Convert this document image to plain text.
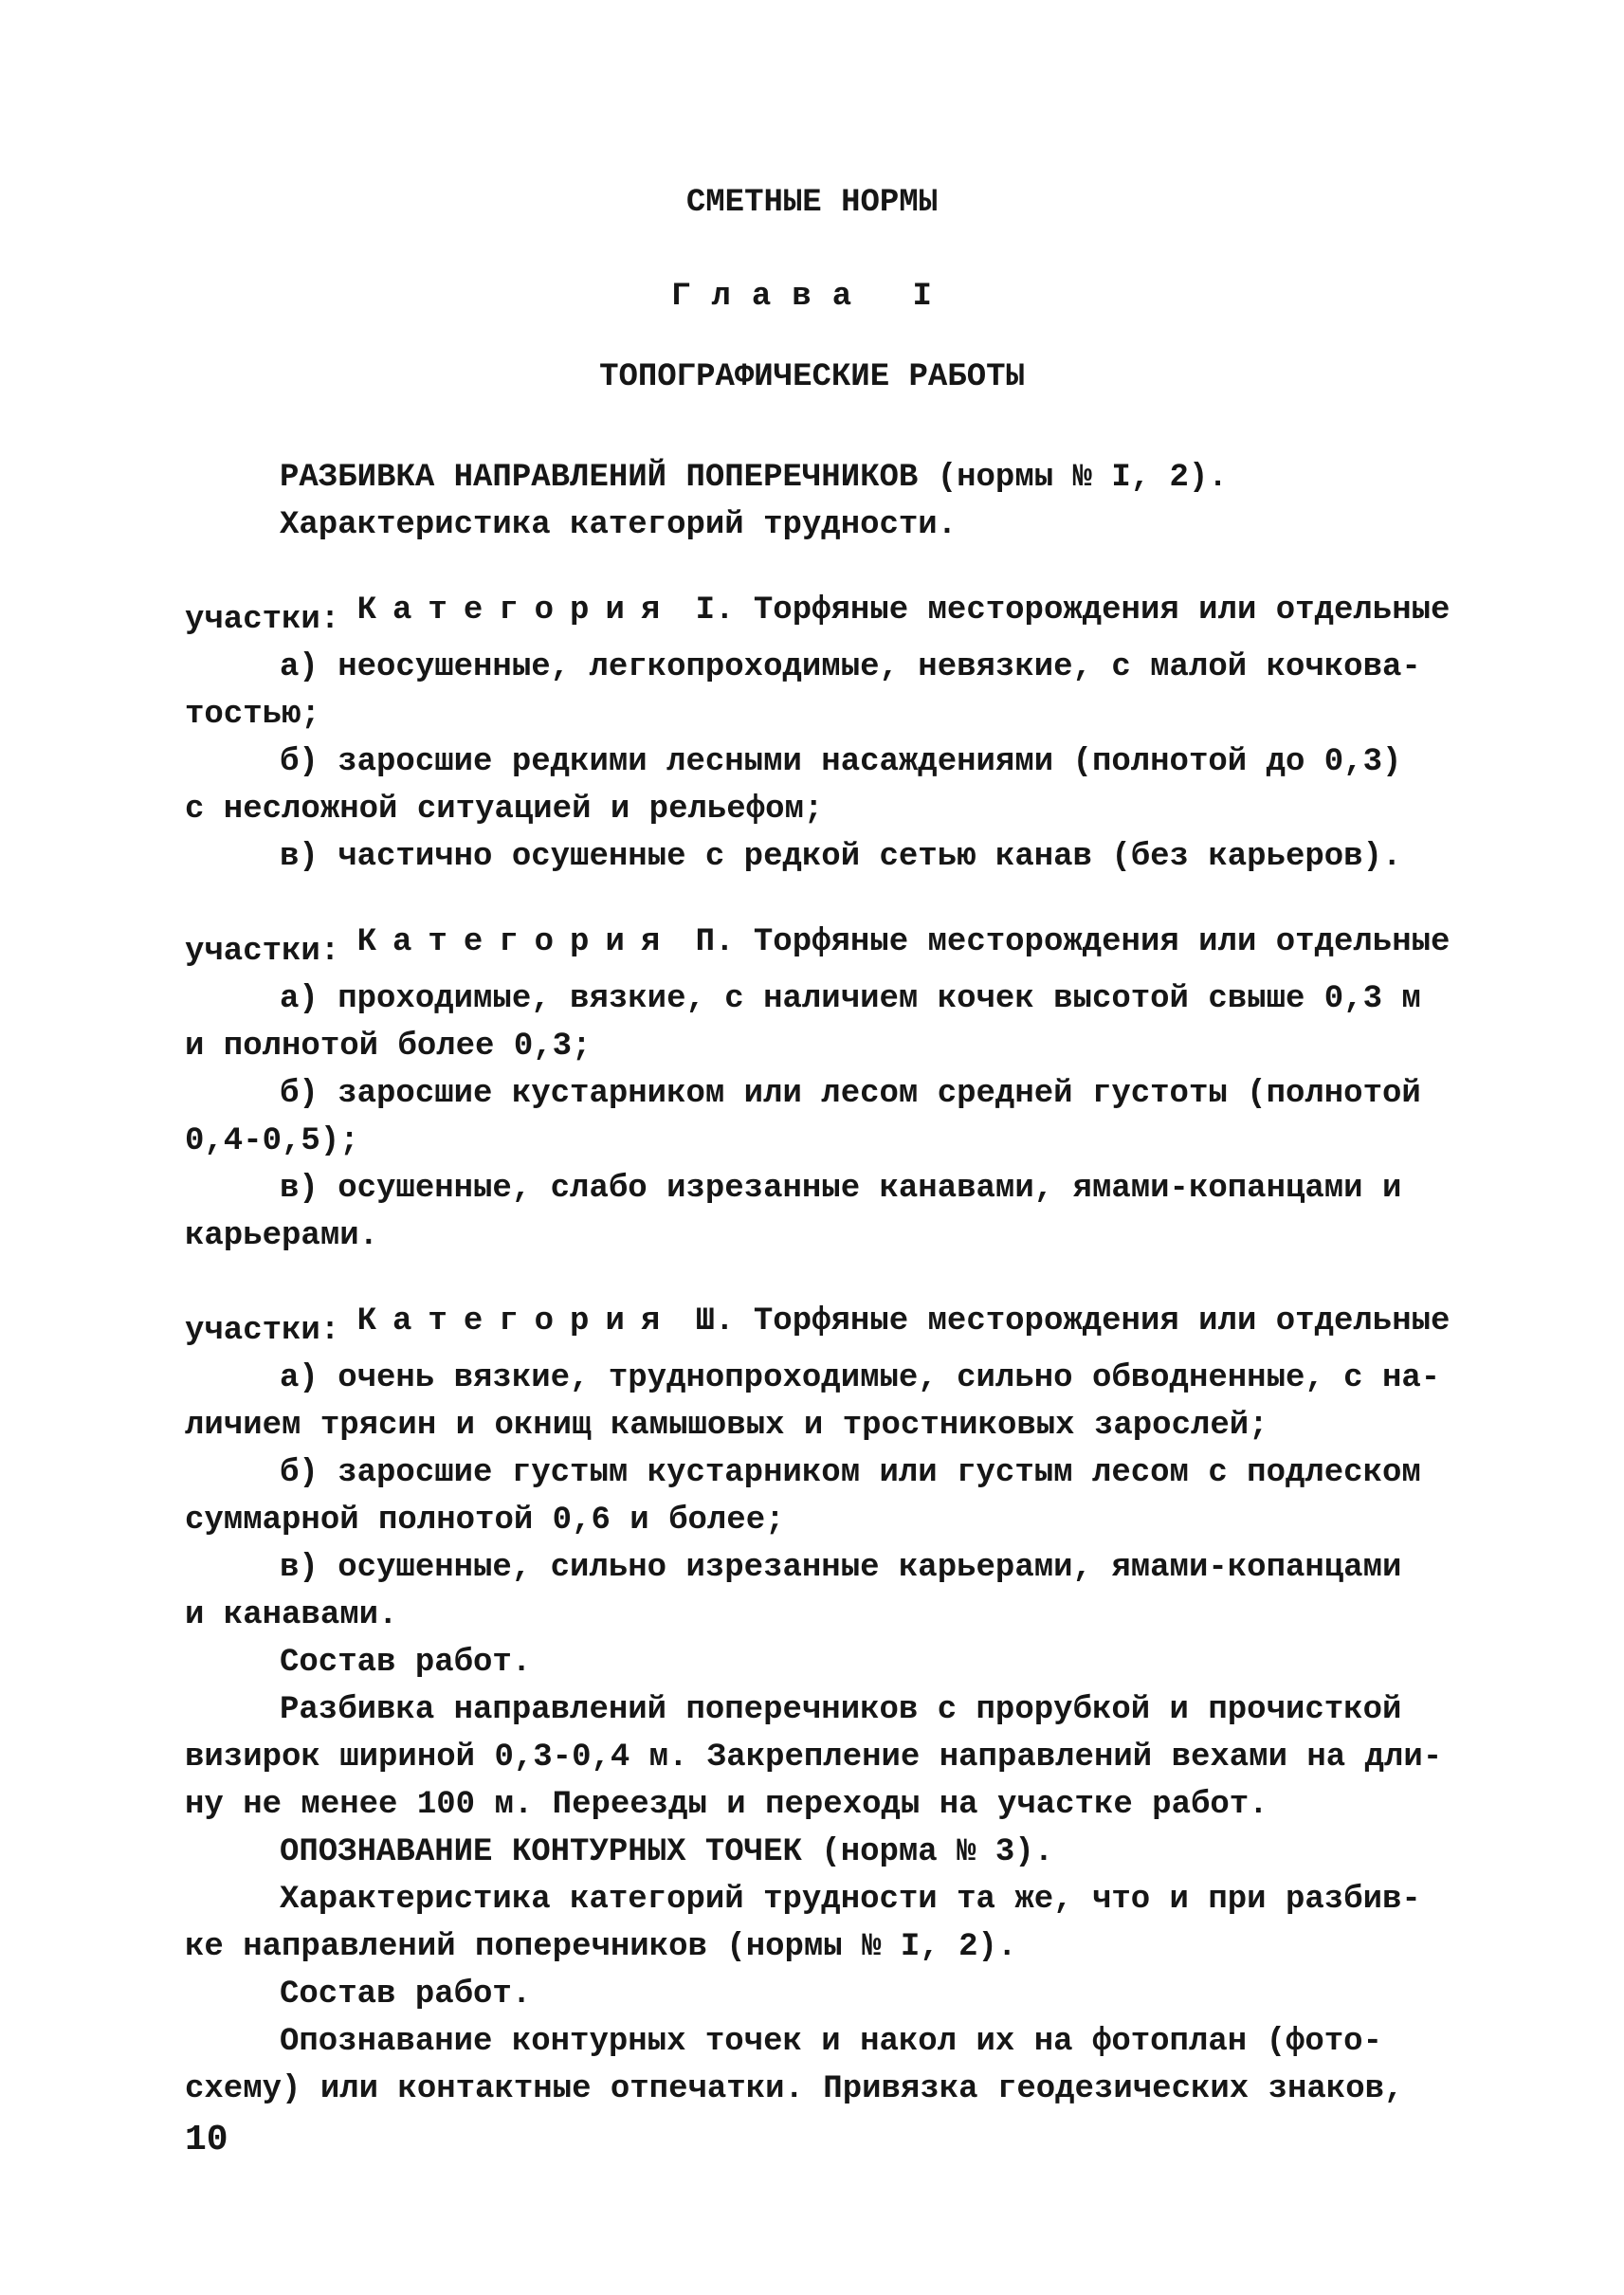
СМЕТНЫЕ НОРМЫ
Глава I
ТОПОГРАФИЧЕСКИЕ РАБОТЫ
РАЗБИВКА НАПРАВЛЕНИЙ ПОПЕРЕЧНИКОВ (нормы № I, 2).
Характеристика категорий трудности.

Категория I. Торфяные месторождения или отдельные

участки:
а) неосушенные, легкопроходимые, невязкие, с малой кочкова-
тостью;
б) заросшие редкими лесными насаждениями (полнотой до 0,3)
с несложной ситуацией и рельефом;
в) частично осушенные с редкой сетью канав (без карьеров).

Категория П. Торфяные месторождения или отдельные

участки:
а) проходимые, вязкие, с наличием кочек высотой свыше 0,3 м
и полнотой более 0,3;
б) заросшие кустарником или лесом средней густоты (полнотой
0,4-0,5);
в) осушенные, слабо изрезанные канавами, ямами-копанцами и
карьерами.

Категория Ш. Торфяные месторождения или отдельные

участки:
а) очень вязкие, труднопроходимые, сильно обводненные, с на-
личием трясин и окнищ камышовых и тростниковых зарослей;
б) заросшие густым кустарником или густым лесом с подлеском
суммарной полнотой 0,6 и более;
в) осушенные, сильно изрезанные карьерами, ямами-копанцами
и канавами.
Состав работ.
Разбивка направлений поперечников с прорубкой и прочисткой
визирок шириной 0,3-0,4 м. Закрепление направлений вехами на дли-
ну не менее 100 м. Переезды и переходы на участке работ.
ОПОЗНАВАНИЕ КОНТУРНЫХ ТОЧЕК (норма № 3).
Характеристика категорий трудности та же, что и при разбив-
ке направлений поперечников (нормы № I, 2).
Состав работ.
Опознавание контурных точек и накол их на фотоплан (фото-
схему) или контактные отпечатки. Привязка геодезических знаков,
10
